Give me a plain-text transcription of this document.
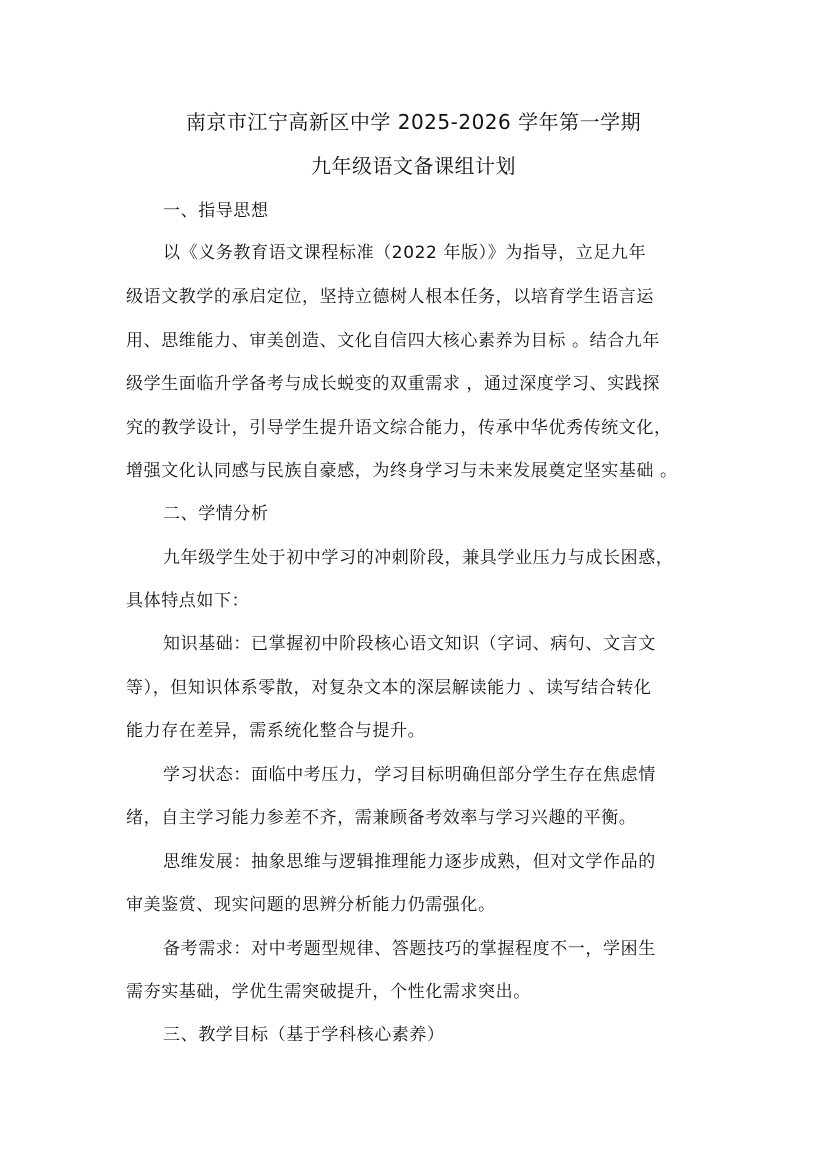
南京市江宁高新区中学 2025-2026 学年第一学期
九年级语文备课组计划
一、指导思想
以《义务教育语文课程标准（2022 年版）》为指导，立足九年
级语文教学的承启定位，坚持立德树人根本任务，以培育学生语言运
用、思维能力、审美创造、文化自信四大核心素养为目标 。结合九年
级学生面临升学备考与成长蜕变的双重需求 ，通过深度学习、实践探
究的教学设计，引导学生提升语文综合能力，传承中华优秀传统文化，
增强文化认同感与民族自豪感，为终身学习与未来发展奠定坚实基础 。
二、学情分析
九年级学生处于初中学习的冲刺阶段，兼具学业压力与成长困惑，
具体特点如下：
知识基础：已掌握初中阶段核心语文知识（字词、病句、文言文
等），但知识体系零散，对复杂文本的深层解读能力 、读写结合转化
能力存在差异，需系统化整合与提升。
学习状态：面临中考压力，学习目标明确但部分学生存在焦虑情
绪，自主学习能力参差不齐，需兼顾备考效率与学习兴趣的平衡。
思维发展：抽象思维与逻辑推理能力逐步成熟，但对文学作品的
审美鉴赏、现实问题的思辨分析能力仍需强化。
备考需求：对中考题型规律、答题技巧的掌握程度不一，学困生
需夯实基础，学优生需突破提升，个性化需求突出。
三、教学目标（基于学科核心素养）
